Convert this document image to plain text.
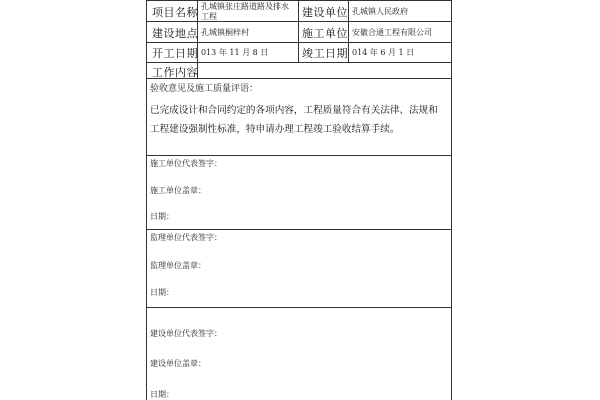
项目名称 孔城镇张庄路道路及排水工程	建设单位 孔城镇人民政府
建设地点 孔城镇桐梓村	施工单位 安徽合通工程有限公司
开工日期 013 年 11 月 8 日	竣工日期 014 年 6 月 1 日
工作内容
验收意见及施工质量评语：
已完成设计和合同约定的各项内容，工程质量符合有关法律、法规和工程建设强制性标准，特申请办理工程竣工验收结算手续。
施工单位代表签字：
施工单位盖章：
日期：
监理单位代表签字：
监理单位盖章：
日期：
建设单位代表签字：
建设单位盖章：
日期：
